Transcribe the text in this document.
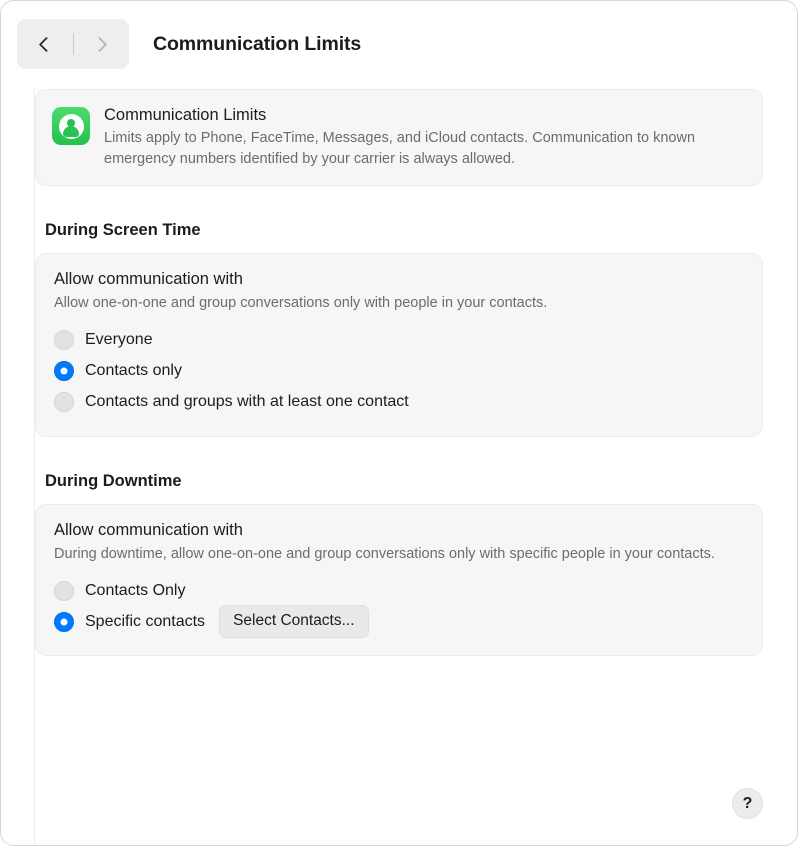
Communication Limits
Communication Limits
Limits apply to Phone, FaceTime, Messages, and iCloud contacts. Communication to known emergency numbers identified by your carrier is always allowed.
During Screen Time
Allow communication with
Allow one-on-one and group conversations only with people in your contacts.
Everyone
Contacts only
Contacts and groups with at least one contact
During Downtime
Allow communication with
During downtime, allow one-on-one and group conversations only with specific people in your contacts.
Contacts Only
Specific contacts	Select Contacts...
?
